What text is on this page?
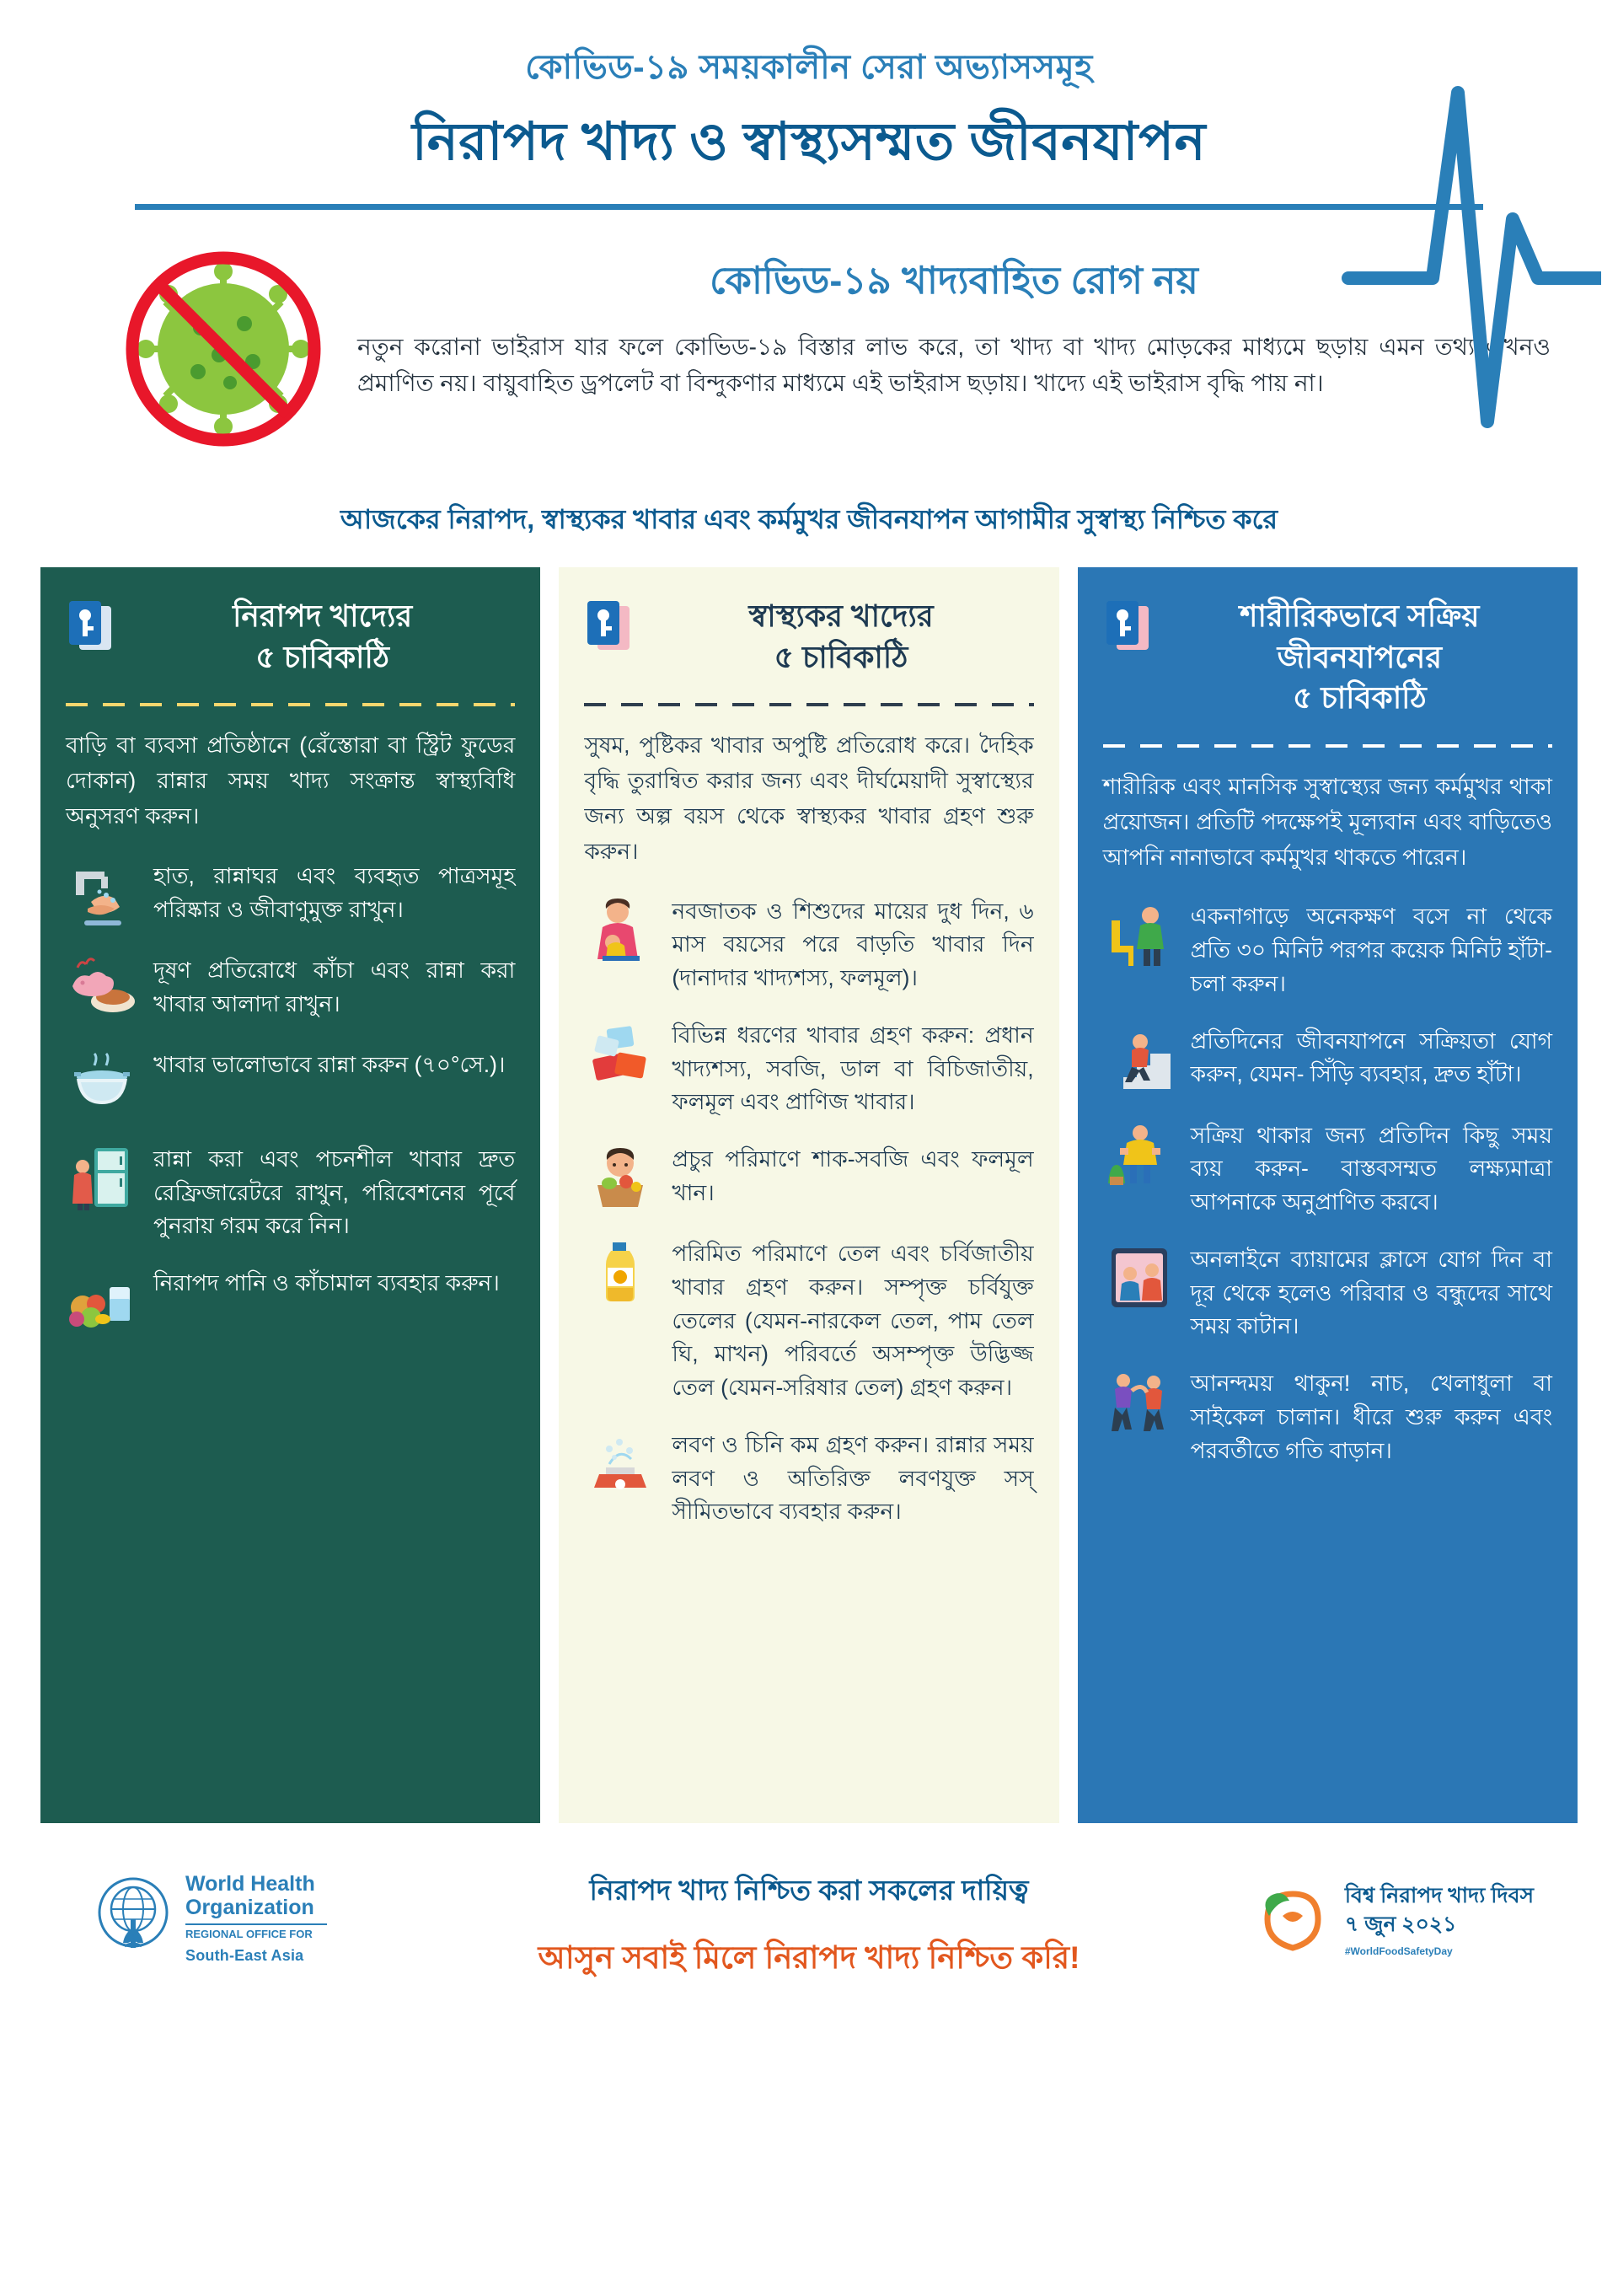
কোভিড-১৯ সময়কালীন সেরা অভ্যাসসমূহ
নিরাপদ খাদ্য ও স্বাস্থ্যসম্মত জীবনযাপন
কোভিড-১৯ খাদ্যবাহিত রোগ নয়
নতুন করোনা ভাইরাস যার ফলে কোভিড-১৯ বিস্তার লাভ করে, তা খাদ্য বা খাদ্য মোড়কের মাধ্যমে ছড়ায় এমন তথ্য এখনও প্রমাণিত নয়। বায়ুবাহিত ড্রপলেট বা বিন্দুকণার মাধ্যমে এই ভাইরাস ছড়ায়। খাদ্যে এই ভাইরাস বৃদ্ধি পায় না।
আজকের নিরাপদ, স্বাস্থ্যকর খাবার এবং কর্মমুখর জীবনযাপন আগামীর সুস্বাস্থ্য নিশ্চিত করে
নিরাপদ খাদ্যের
৫ চাবিকাঠি
বাড়ি বা ব্যবসা প্রতিষ্ঠানে (রেঁস্তোরা বা স্ট্রিট ফুডের দোকান) রান্নার সময় খাদ্য সংক্রান্ত স্বাস্থ্যবিধি অনুসরণ করুন।
হাত, রান্নাঘর এবং ব্যবহৃত পাত্রসমূহ পরিষ্কার ও জীবাণুমুক্ত রাখুন।
দূষণ প্রতিরোধে কাঁচা এবং রান্না করা খাবার আলাদা রাখুন।
খাবার ভালোভাবে রান্না করুন (৭০°সে.)।
রান্না করা এবং পচনশীল খাবার দ্রুত রেফ্রিজারেটরে রাখুন, পরিবেশনের পূর্বে পুনরায় গরম করে নিন।
নিরাপদ পানি ও কাঁচামাল ব্যবহার করুন।
স্বাস্থ্যকর খাদ্যের
৫ চাবিকাঠি
সুষম, পুষ্টিকর খাবার অপুষ্টি প্রতিরোধ করে। দৈহিক বৃদ্ধি তুরান্বিত করার জন্য এবং দীর্ঘমেয়াদী সুস্বাস্থ্যের জন্য অল্প বয়স থেকে স্বাস্থ্যকর খাবার গ্রহণ শুরু করুন।
নবজাতক ও শিশুদের মায়ের দুধ দিন, ৬ মাস বয়সের পরে বাড়তি খাবার দিন (দানাদার খাদ্যশস্য, ফলমূল)।
বিভিন্ন ধরণের খাবার গ্রহণ করুন: প্রধান খাদ্যশস্য, সবজি, ডাল বা বিচিজাতীয়, ফলমূল এবং প্রাণিজ খাবার।
প্রচুর পরিমাণে শাক-সবজি এবং ফলমূল খান।
পরিমিত পরিমাণে তেল এবং চর্বিজাতীয় খাবার গ্রহণ করুন। সম্পৃক্ত চর্বিযুক্ত তেলের (যেমন-নারকেল তেল, পাম তেল ঘি, মাখন) পরিবর্তে অসম্পৃক্ত উদ্ভিজ্জ তেল (যেমন-সরিষার তেল) গ্রহণ করুন।
লবণ ও চিনি কম গ্রহণ করুন। রান্নার সময় লবণ ও অতিরিক্ত লবণযুক্ত সস্ সীমিতভাবে ব্যবহার করুন।
শারীরিকভাবে সক্রিয় জীবনযাপনের
৫ চাবিকাঠি
শারীরিক এবং মানসিক সুস্বাস্থ্যের জন্য কর্মমুখর থাকা প্রয়োজন। প্রতিটি পদক্ষেপই মূল্যবান এবং বাড়িতেও আপনি নানাভাবে কর্মমুখর থাকতে পারেন।
একনাগাড়ে অনেকক্ষণ বসে না থেকে প্রতি ৩০ মিনিট পরপর কয়েক মিনিট হাঁটা-চলা করুন।
প্রতিদিনের জীবনযাপনে সক্রিয়তা যোগ করুন, যেমন- সিঁড়ি ব্যবহার, দ্রুত হাঁটা।
সক্রিয় থাকার জন্য প্রতিদিন কিছু সময় ব্যয় করুন- বাস্তবসম্মত লক্ষ্যমাত্রা আপনাকে অনুপ্রাণিত করবে।
অনলাইনে ব্যায়ামের ক্লাসে যোগ দিন বা দূর থেকে হলেও পরিবার ও বন্ধুদের সাথে সময় কাটান।
আনন্দময় থাকুন! নাচ, খেলাধুলা বা সাইকেল চালান। ধীরে শুরু করুন এবং পরবর্তীতে গতি বাড়ান।
World Health
Organization
REGIONAL OFFICE FOR
South-East Asia
নিরাপদ খাদ্য নিশ্চিত করা সকলের দায়িত্ব
আসুন সবাই মিলে নিরাপদ খাদ্য নিশ্চিত করি!
বিশ্ব নিরাপদ খাদ্য দিবস
৭ জুন ২০২১
#WorldFoodSafetyDay
